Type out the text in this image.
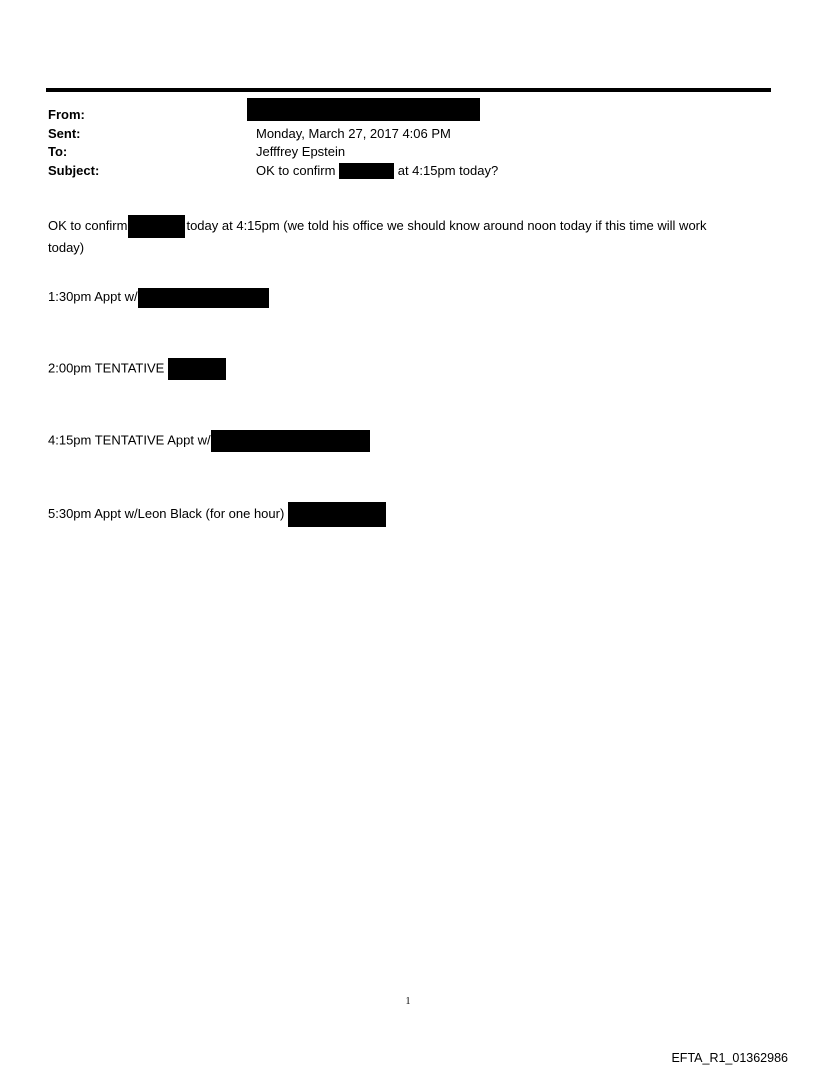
From:
Sent:	Monday, March 27, 2017 4:06 PM
To:	Jefffrey Epstein
Subject:	OK to confirm	at 4:15pm today?
OK to confirm	today at 4:15pm (we told his office we should know around noon today if this time will work
today)
1:30pm Appt w/
2:00pm TENTATIVE
4:15pm TENTATIVE Appt w/
5:30pm Appt w/Leon Black (for one hour)
1
EFTA_R1_01362986
